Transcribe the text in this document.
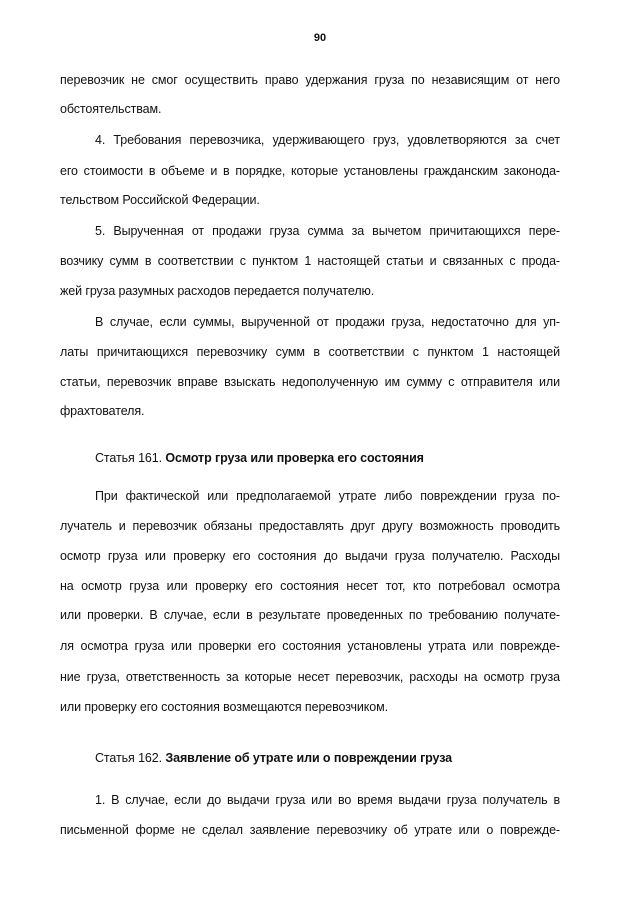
90
перевозчик не смог осуществить право удержания груза по независящим от него
обстоятельствам.
4. Требования перевозчика, удерживающего груз, удовлетворяются за счет
его стоимости в объеме и в порядке, которые установлены гражданским законода-
тельством Российской Федерации.
5. Вырученная от продажи груза сумма за вычетом причитающихся пере-
возчику сумм в соответствии с пунктом 1 настоящей статьи и связанных с прода-
жей груза разумных расходов передается получателю.
В случае, если суммы, вырученной от продажи груза, недостаточно для уп-
латы причитающихся перевозчику сумм в соответствии с пунктом 1 настоящей
статьи, перевозчик вправе взыскать недополученную им сумму с отправителя или
фрахтователя.
Статья 161. Осмотр груза или проверка его состояния
При фактической или предполагаемой утрате либо повреждении груза по-
лучатель и перевозчик обязаны предоставлять друг другу возможность проводить
осмотр груза или проверку его состояния до выдачи груза получателю. Расходы
на осмотр груза или проверку его состояния несет тот, кто потребовал осмотра
или проверки. В случае, если в результате проведенных по требованию получате-
ля осмотра груза или проверки его состояния установлены утрата или поврежде-
ние груза, ответственность за которые несет перевозчик, расходы на осмотр груза
или проверку его состояния возмещаются перевозчиком.
Статья 162. Заявление об утрате или о повреждении груза
1. В случае, если до выдачи груза или во время выдачи груза получатель в
письменной форме не сделал заявление перевозчику об утрате или о поврежде-
